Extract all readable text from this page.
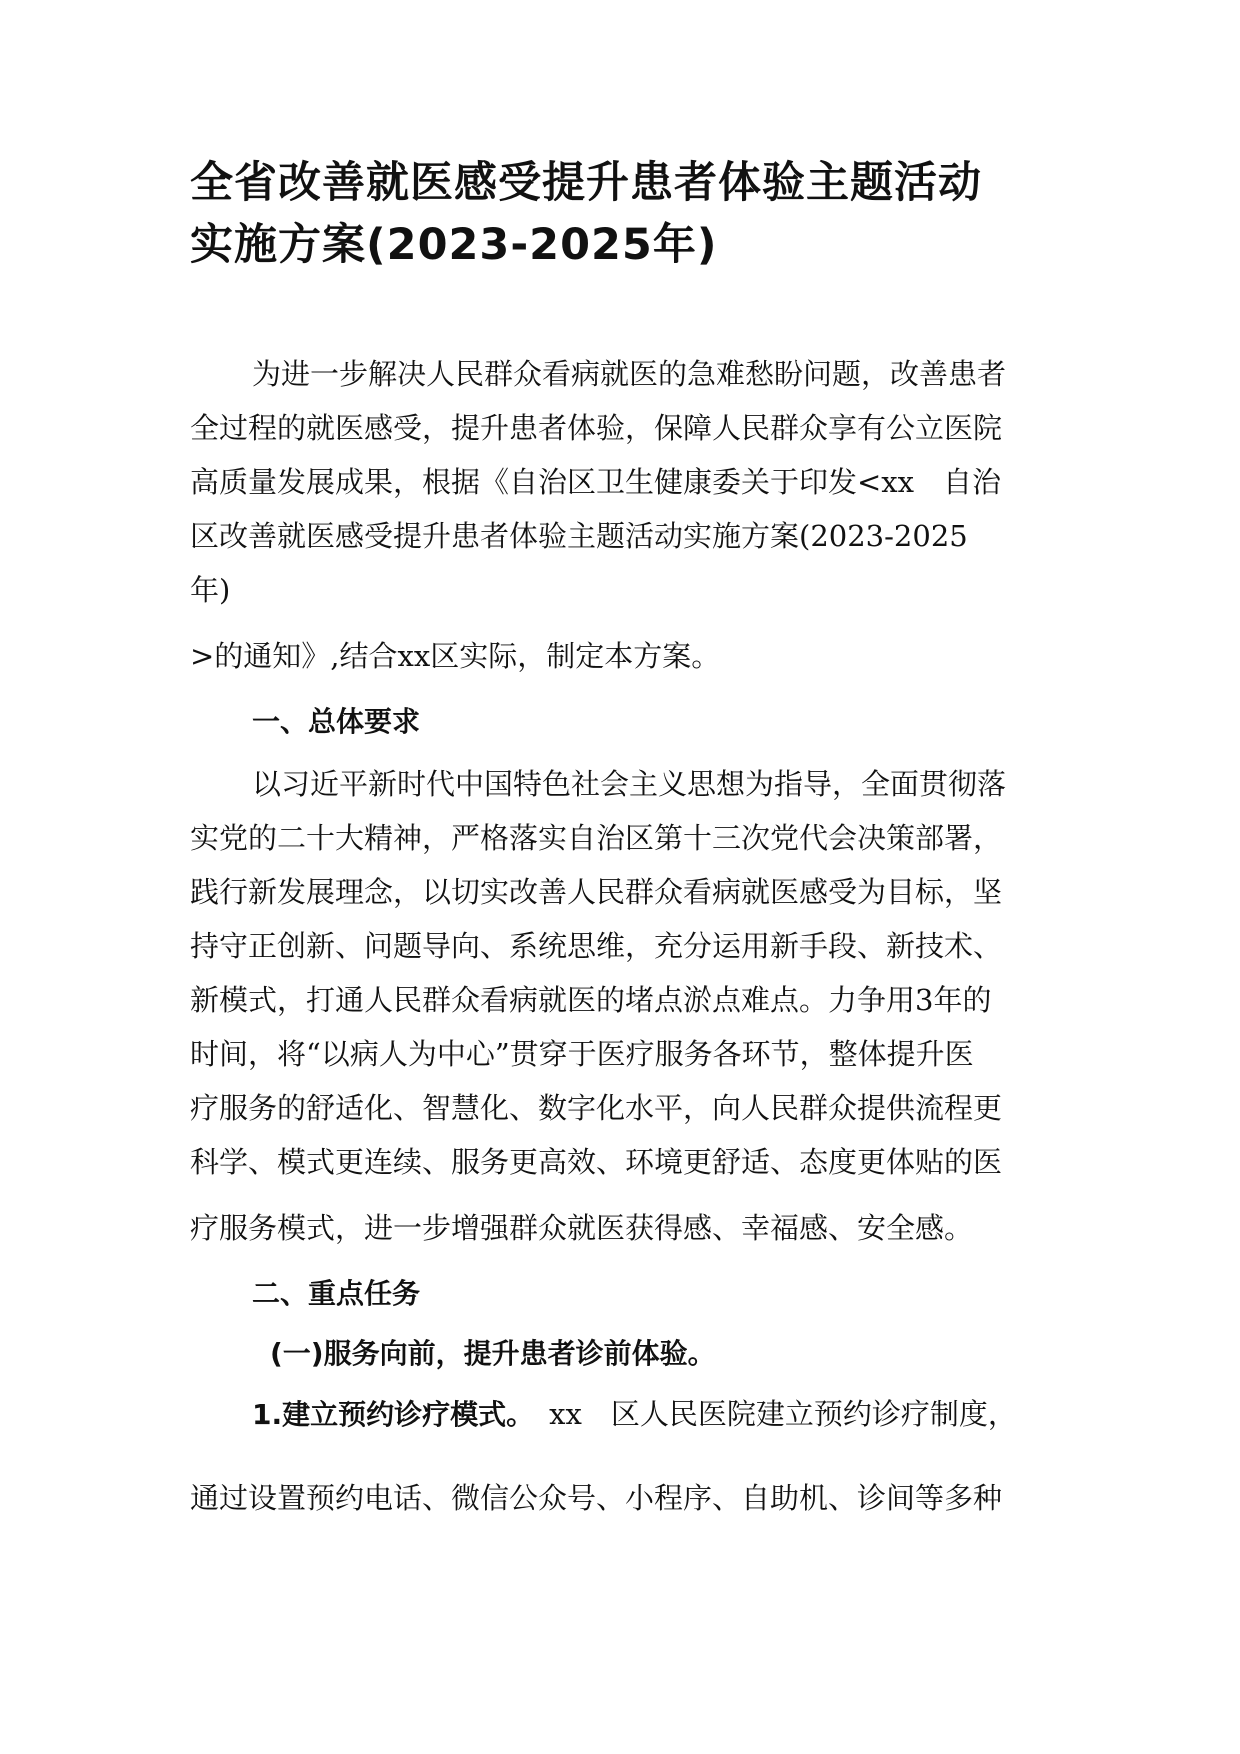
全省改善就医感受提升患者体验主题活动
实施方案(2023-2025年)

为进一步解决人民群众看病就医的急难愁盼问题，改善患者

全过程的就医感受，提升患者体验，保障人民群众享有公立医院

高质量发展成果，根据《自治区卫生健康委关于印发<xx　自治

区改善就医感受提升患者体验主题活动实施方案(2023-2025

年)

>的通知》,结合xx区实际，制定本方案。

一、总体要求

以习近平新时代中国特色社会主义思想为指导，全面贯彻落

实党的二十大精神，严格落实自治区第十三次党代会决策部署，

践行新发展理念，以切实改善人民群众看病就医感受为目标，坚

持守正创新、问题导向、系统思维，充分运用新手段、新技术、

新模式，打通人民群众看病就医的堵点淤点难点。力争用3年的

时间，将“以病人为中心”贯穿于医疗服务各环节，整体提升医

疗服务的舒适化、智慧化、数字化水平，向人民群众提供流程更

科学、模式更连续、服务更高效、环境更舒适、态度更体贴的医

疗服务模式，进一步增强群众就医获得感、幸福感、安全感。

二、重点任务

(一)服务向前，提升患者诊前体验。

1.建立预约诊疗模式。　xx　区人民医院建立预约诊疗制度，

通过设置预约电话、微信公众号、小程序、自助机、诊间等多种
